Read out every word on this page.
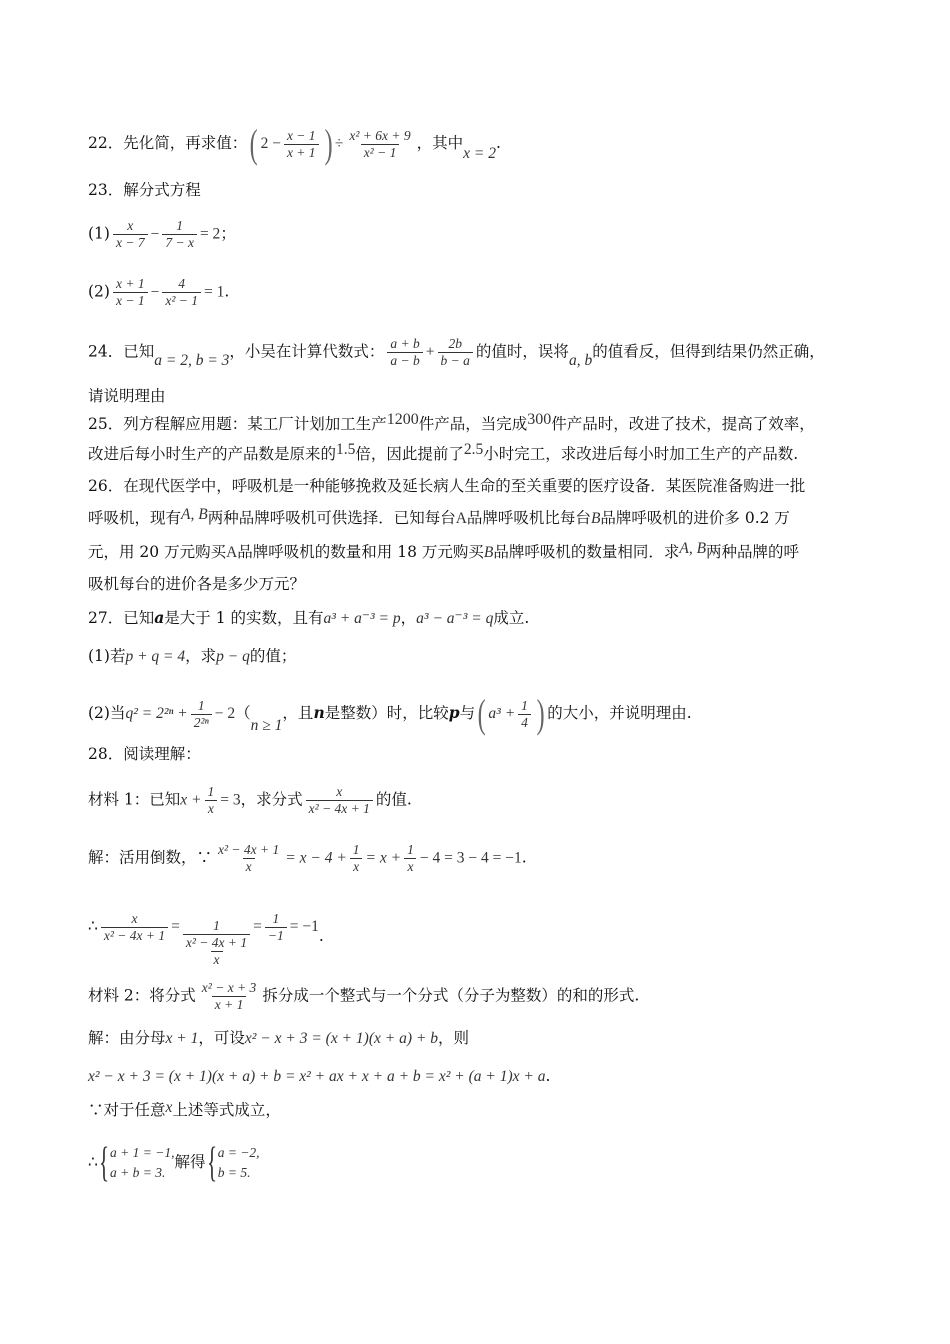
22．先化简，再求值：( $2 - \frac{x - 1}{x + 1}$ ) ÷ $\frac{\text{x² + 6x + 9}}{\text{x² − 1}}$ ，其中x = 2.
23．解分式方程
$(1) \frac{x}{x - 7} - \frac{1}{7 - x} = 2$；
$(2) \frac{x + 1}{x - 1} - \frac{4}{\text{x² − 1}} = 1$.
24．已知a = 2, b = 3，小吴在计算代数式： $\frac{a + b}{a - b} + \frac{2b}{b - a}$ 的值时，误将a, b的值看反，但得到结果仍然正确，
请说明理由
25．列方程解应用题：某工厂计划加工生产1200件产品，当完成300件产品时，改进了技术，提高了效率，
改进后每小时生产的产品数是原来的1.5倍，因此提前了2.5小时完工，求改进后每小时加工生产的产品数.
26．在现代医学中，呼吸机是一种能够挽救及延长病人生命的至关重要的医疗设备．某医院准备购进一批
呼吸机，现有A, B两种品牌呼吸机可供选择．已知每台A品牌呼吸机比每台B品牌呼吸机的进价多 0.2 万
元，用 20 万元购买A品牌呼吸机的数量和用 18 万元购买B品牌呼吸机的数量相同．求A, B两种品牌的呼
吸机每台的进价各是多少万元？
27．已知a是大于 1 的实数，且有a³ + a⁻³ = p，a³ − a⁻³ = q成立.
(1)若p + q = 4，求p − q的值；
(2)当$q^2 = 2^{2n} + \frac{1}{\text{2²ⁿ}} - 2(n \ge 1$，且n是整数）时，比较p与( $a^3 + \frac{1}{4}$ ) 的大小，并说明理由.
28．阅读理解：
材料 1：已知$x + \frac{1}{x} = 3$，求分式 $\frac{x}{\text{x² − 4x + 1}}$ 的值.
解：活用倒数，∵ $\frac{\text{x² − 4x + 1}}{x} = x - 4 + \frac{1}{x} = x + \frac{1}{x} - 4 = 3 - 4 = -1$.
∴ $\frac{x}{\text{x² − 4x + 1}} = 1$
x² − 4x + 1
x
= $\frac{1}{-1} = -1$.
材料 2：将分式 $\frac{\text{x² − x + 3}}{x + 1}$ 拆分成一个整式与一个分式（分子为整数）的和的形式.
解：由分母x + 1，可设x² − x + 3 = (x + 1)(x + a) + b，则
x² − x + 3 = (x + 1)(x + a) + b = x² + ax + x + a + b = x² + (a + 1)x + a.
∵对于任意x上述等式成立，
∴{ a + 1 = −1,
a + b = 3.
解得{ a = −2,
b = 5.
